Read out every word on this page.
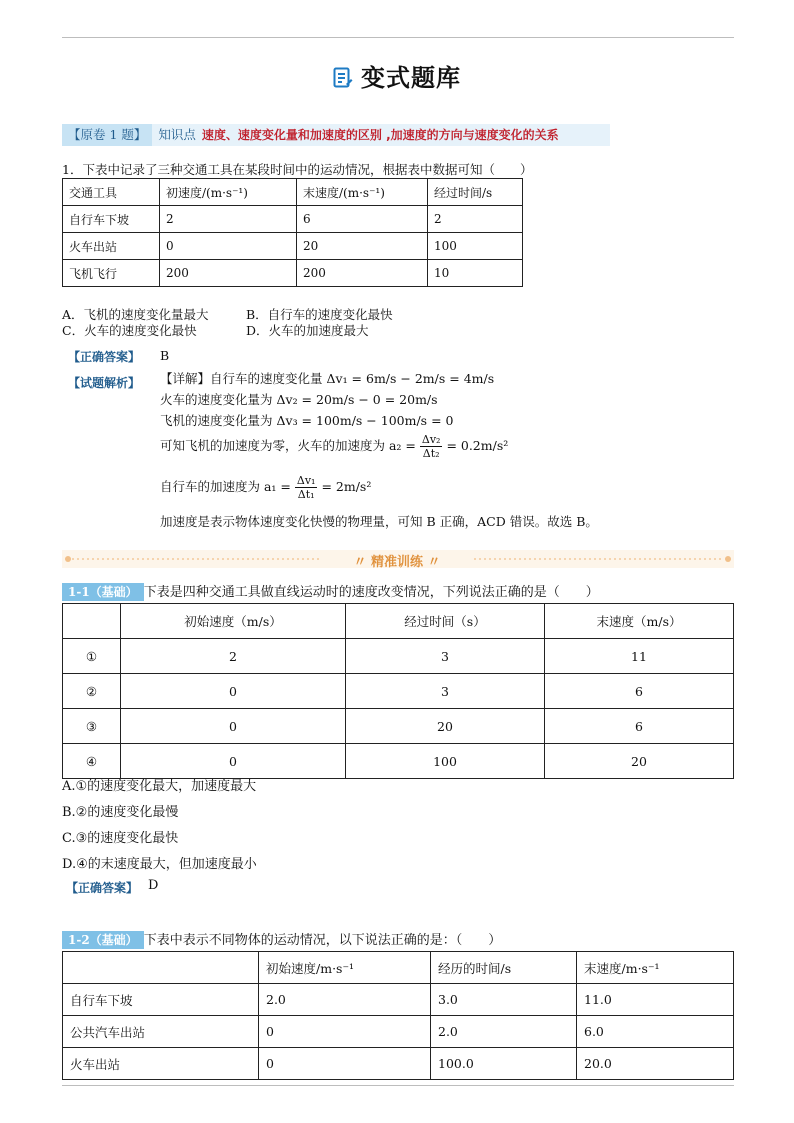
变式题库
【原卷 1 题】 知识点 速度、速度变化量和加速度的区别 ,加速度的方向与速度变化的关系
1．下表中记录了三种交通工具在某段时间中的运动情况，根据表中数据可知（　　）
交通工具	初速度/(m·s⁻¹)	末速度/(m·s⁻¹)	经过时间/s
自行车下坡	2	6	2
火车出站	0	20	100
飞机飞行	200	200	10
A．飞机的速度变化量最大	B．自行车的速度变化最快
C．火车的速度变化最快	D．火车的加速度最大
【正确答案】 B
【试题解析】 【详解】自行车的速度变化量 Δv₁ = 6m/s − 2m/s = 4m/s
火车的速度变化量为 Δv₂ = 20m/s − 0 = 20m/s
飞机的速度变化量为 Δv₃ = 100m/s − 100m/s = 0
可知飞机的加速度为零，火车的加速度为 $a_2 = \frac{\text{Δv₂}}{\text{Δt₂}} = 0.2m/s^2$
自行车的加速度为 $a_1 = \frac{\text{Δv₁}}{\text{Δt₁}} = 2m/s^2$
加速度是表示物体速度变化快慢的物理量，可知 B 正确，ACD 错误。故选 B。
〃 精准训练 〃
1-1（基础） 下表是四种交通工具做直线运动时的速度改变情况，下列说法正确的是（　　）
	初始速度（m/s）	经过时间（s）	末速度（m/s）
①	2	3	11
②	0	3	6
③	0	20	6
④	0	100	20
A.①的速度变化最大，加速度最大
B.②的速度变化最慢
C.③的速度变化最快
D.④的末速度最大，但加速度最小
【正确答案】 D
1-2（基础） 下表中表示不同物体的运动情况，以下说法正确的是：（　　）
	初始速度/m·s⁻¹	经历的时间/s	末速度/m·s⁻¹
自行车下坡	2.0	3.0	11.0
公共汽车出站	0	2.0	6.0
火车出站	0	100.0	20.0
